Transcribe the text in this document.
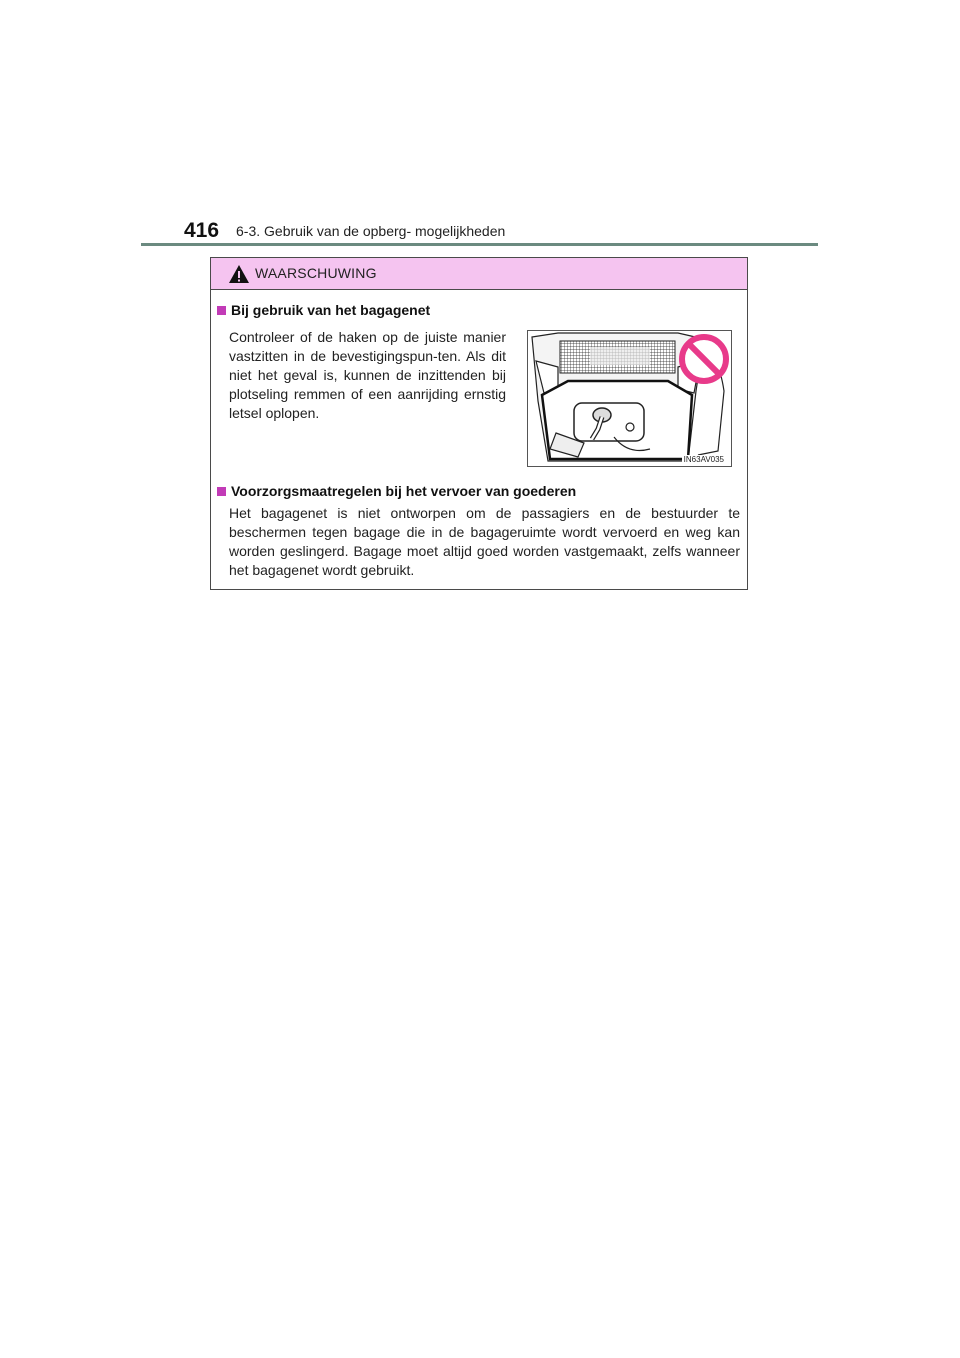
416 6-3. Gebruik van de opberg- mogelijkheden
WAARSCHUWING
Bij gebruik van het bagagenet
Controleer of de haken op de juiste manier vastzitten in de bevestigingspun-ten. Als dit niet het geval is, kunnen de inzittenden bij plotseling remmen of een aanrijding ernstig letsel oplopen.
IN63AV035
Voorzorgsmaatregelen bij het vervoer van goederen
Het bagagenet is niet ontworpen om de passagiers en de bestuurder te beschermen tegen bagage die in de bagageruimte wordt vervoerd en weg kan worden geslingerd. Bagage moet altijd goed worden vastgemaakt, zelfs wanneer het bagagenet wordt gebruikt.
